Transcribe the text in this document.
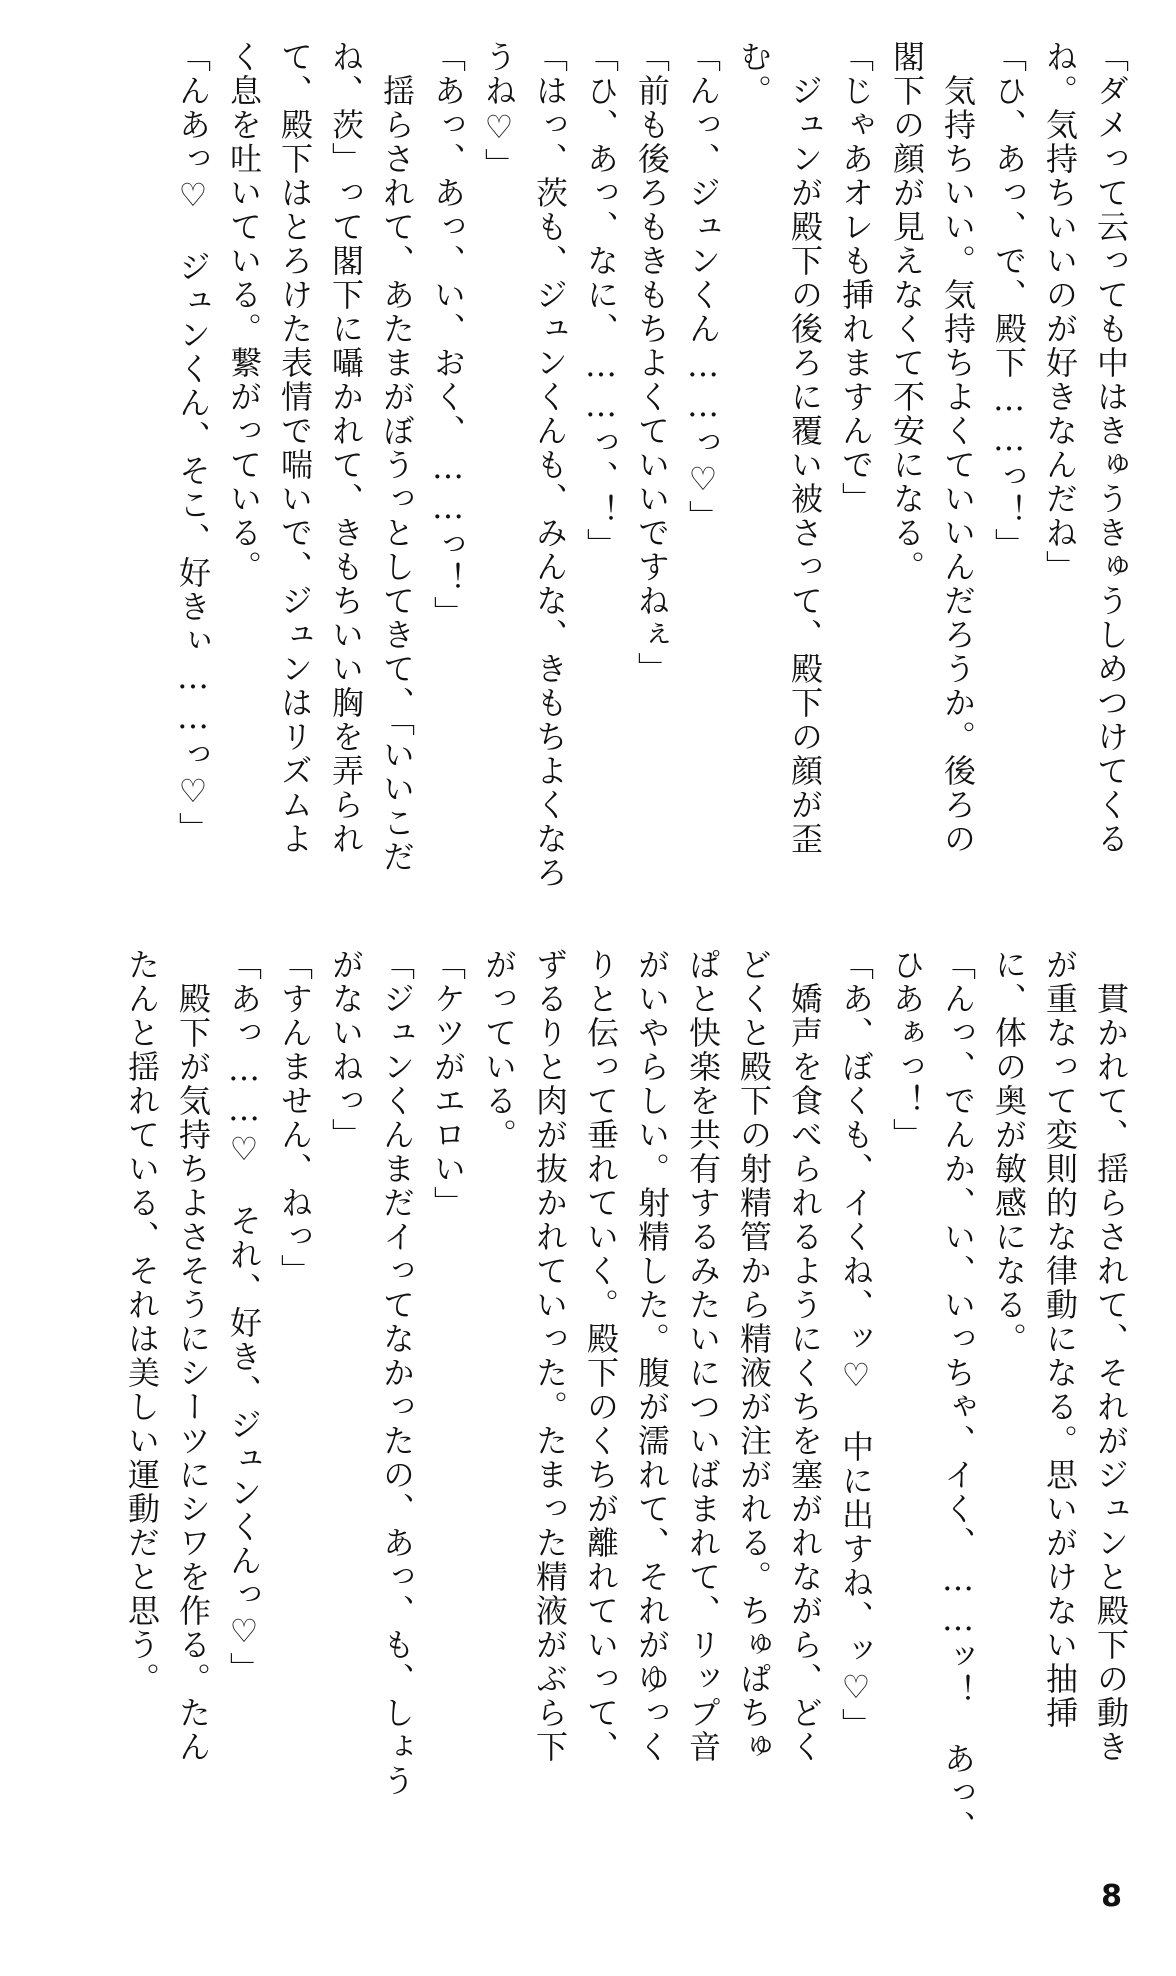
「ダメって云っても中はきゅうきゅうしめつけてくる
ね。気持ちいいのが好きなんだね」
「ひ、あっ、で、殿下……っ！」
　気持ちいい。気持ちよくていいんだろうか。後ろの
閣下の顔が見えなくて不安になる。
「じゃあオレも挿れますんで」
　ジュンが殿下の後ろに覆い被さって、殿下の顔が歪
む。
「んっ、ジュンくん……っ♡」
「前も後ろもきもちよくていいですねぇ」
「ひ、あっ、なに、……っ、！」
「はっ、茨も、ジュンくんも、みんな、きもちよくなろ
うね♡」
「あっ、あっ、い、おく、……っ！」
　揺らされて、あたまがぼうっとしてきて、「いいこだ
ね、茨」って閣下に囁かれて、きもちいい胸を弄られ
て、殿下はとろけた表情で喘いで、ジュンはリズムよ
く息を吐いている。繋がっている。
「んあっ♡　ジュンくん、そこ、好きぃ……っ♡」
　貫かれて、揺らされて、それがジュンと殿下の動き
が重なって変則的な律動になる。思いがけない抽挿
に、体の奥が敏感になる。
「んっ、でんか、い、いっちゃ、イく、……ッ！　あっ、
ひあぁっ！」
「あ、ぼくも、イくね、ッ♡　中に出すね、ッ♡」
　嬌声を食べられるようにくちを塞がれながら、どく
どくと殿下の射精管から精液が注がれる。ちゅぱちゅ
ぱと快楽を共有するみたいについばまれて、リップ音
がいやらしい。射精した。腹が濡れて、それがゆっく
りと伝って垂れていく。殿下のくちが離れていって、
ずるりと肉が抜かれていった。たまった精液がぶら下
がっている。
「ケツがエロい」
「ジュンくんまだイってなかったの、あっ、も、しょう
がないねっ」
「すんません、ねっ」
「あっ……♡　それ、好き、ジュンくんっ♡」
　殿下が気持ちよさそうにシーツにシワを作る。たん
たんと揺れている、それは美しい運動だと思う。
8
